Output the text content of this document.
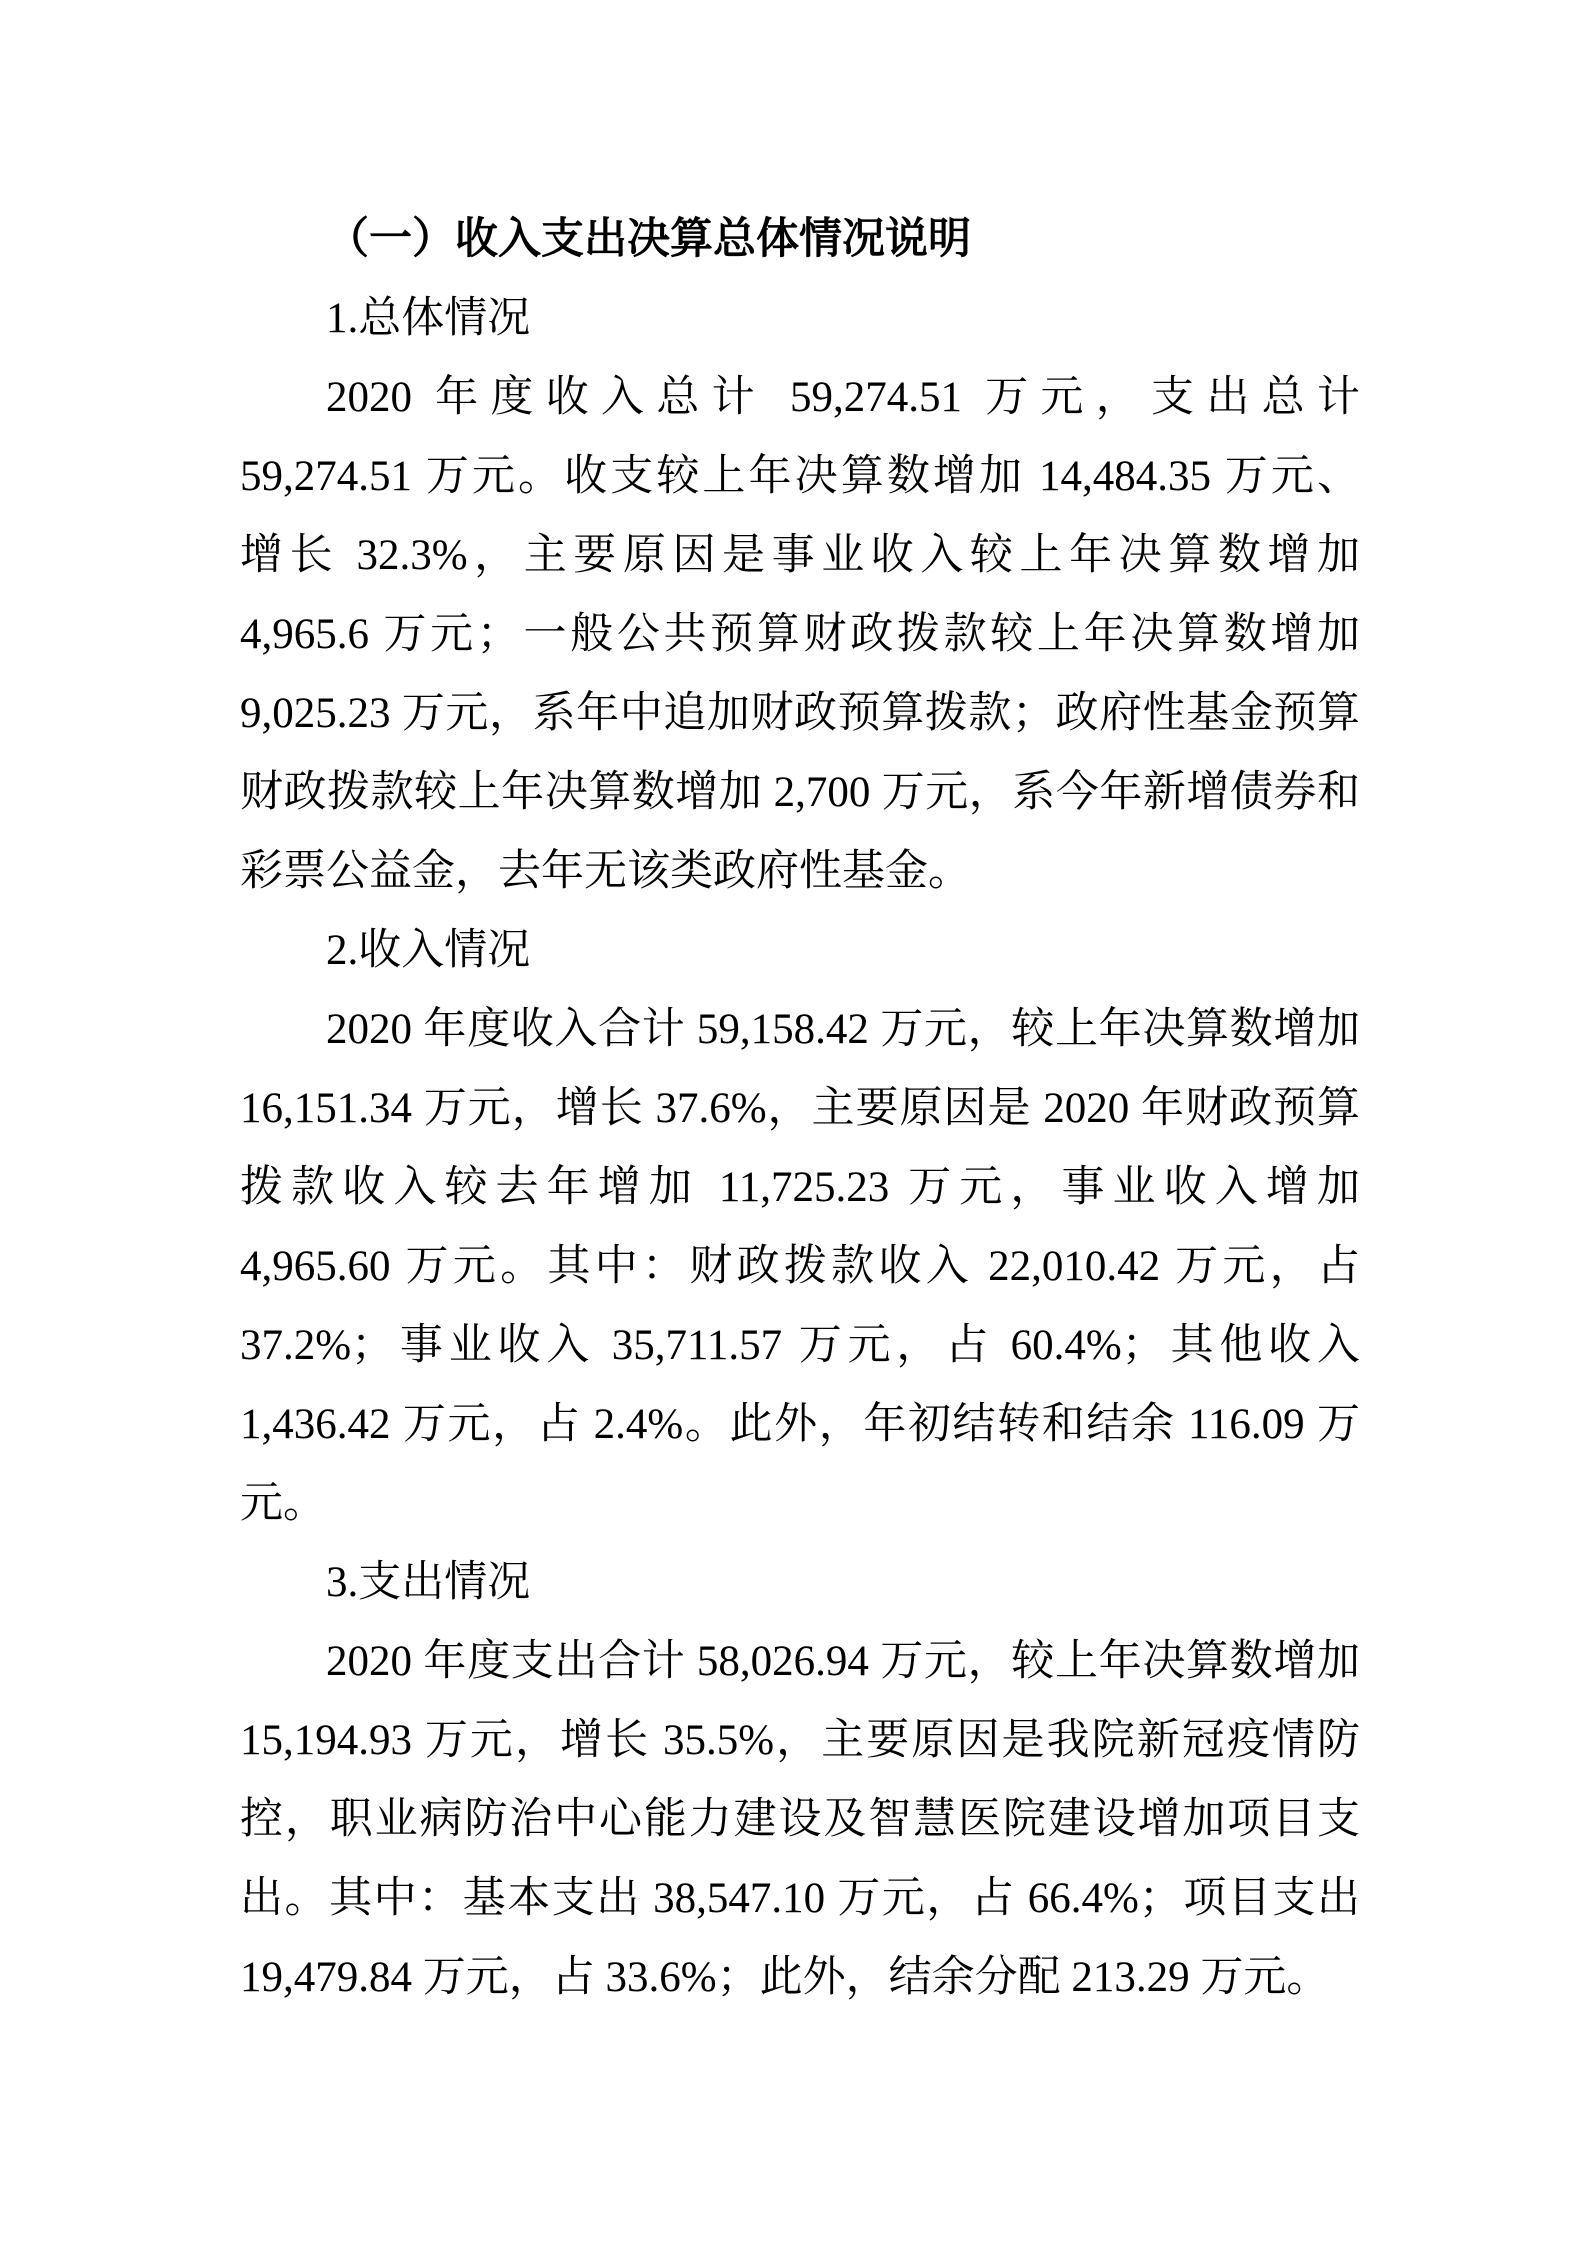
（一）收入支出决算总体情况说明
1.总体情况
2020 年度收入总计 59,274.51 万元，支出总计
59,274.51 万元。收支较上年决算数增加 14,484.35 万元、
增长 32.3%，主要原因是事业收入较上年决算数增加
4,965.6 万元；一般公共预算财政拨款较上年决算数增加
9,025.23 万元，系年中追加财政预算拨款；政府性基金预算
财政拨款较上年决算数增加 2,700 万元，系今年新增债券和
彩票公益金，去年无该类政府性基金。
2.收入情况
2020 年度收入合计 59,158.42 万元，较上年决算数增加
16,151.34 万元，增长 37.6%，主要原因是 2020 年财政预算
拨款收入较去年增加 11,725.23 万元，事业收入增加
4,965.60 万元。其中：财政拨款收入 22,010.42 万元，占
37.2%；事业收入 35,711.57 万元，占 60.4%；其他收入
1,436.42 万元，占 2.4%。此外，年初结转和结余 116.09 万
元。
3.支出情况
2020 年度支出合计 58,026.94 万元，较上年决算数增加
15,194.93 万元，增长 35.5%，主要原因是我院新冠疫情防
控，职业病防治中心能力建设及智慧医院建设增加项目支
出。其中：基本支出 38,547.10 万元，占 66.4%；项目支出
19,479.84 万元，占 33.6%；此外，结余分配 213.29 万元。
